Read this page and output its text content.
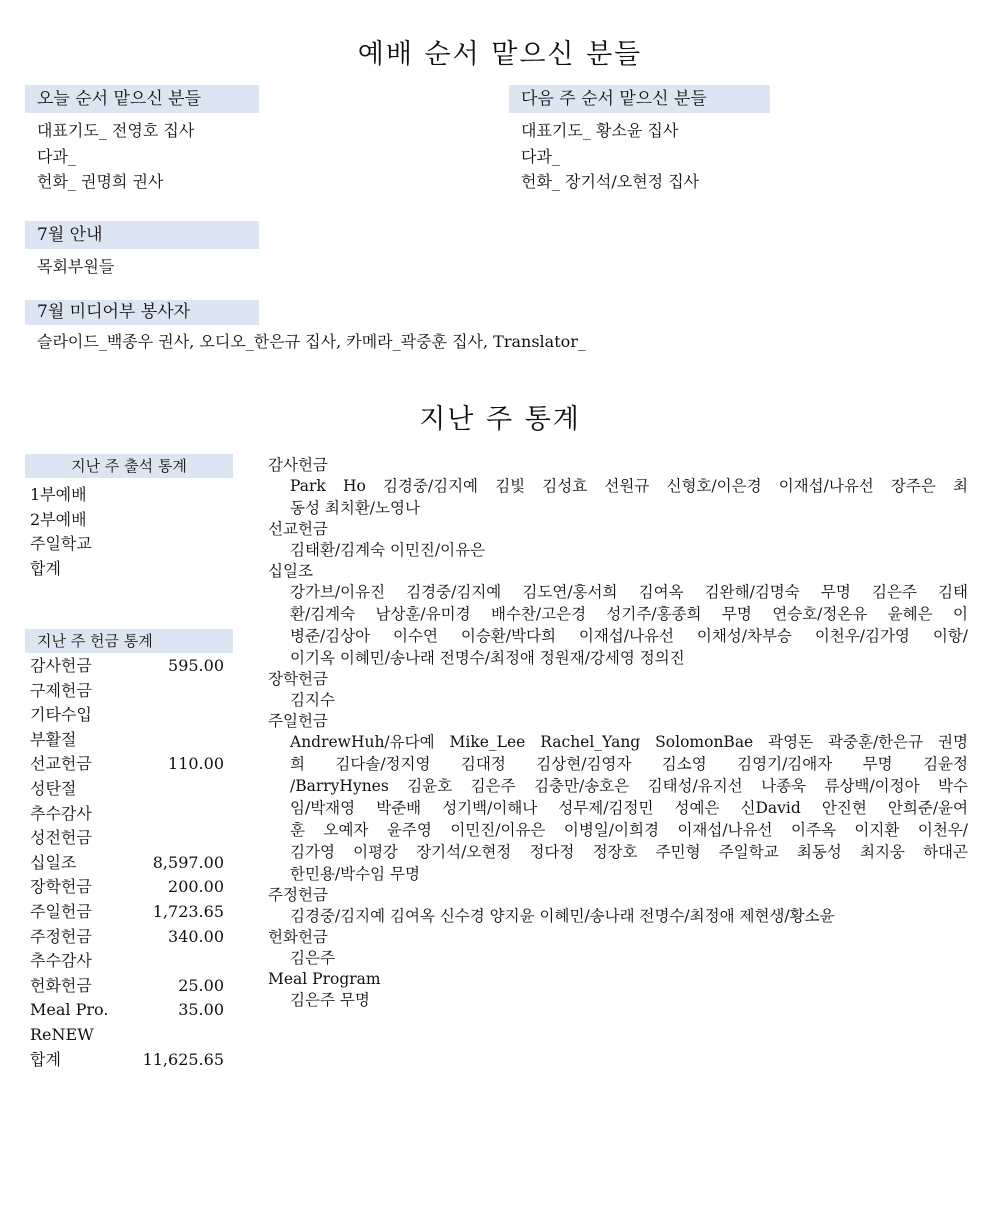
예배 순서 맡으신 분들
오늘 순서 맡으신 분들
대표기도_ 전영호 집사
다과_
헌화_ 권명희 권사
다음 주 순서 맡으신 분들
대표기도_ 황소윤 집사
다과_
헌화_ 장기석/오현정 집사
7월 안내
목회부원들
7월 미디어부 봉사자
슬라이드_백종우 권사, 오디오_한은규 집사, 카메라_곽중훈 집사, Translator_
지난 주 통계
지난 주 출석 통계
1부예배
2부예배
주일학교
합계
지난 주 헌금 통계
감사헌금	595.00
구제헌금
기타수입
부활절
선교헌금	110.00
성탄절
추수감사
성전헌금
십일조	8,597.00
장학헌금	200.00
주일헌금	1,723.65
주정헌금	340.00
추수감사
헌화헌금	25.00
Meal Pro.	35.00
ReNEW
합계	11,625.65
감사헌금
Park Ho 김경중/김지예 김빛 김성효 선원규 신형호/이은경 이재섭/나유선 장주은 최
동성 최치환/노영나
선교헌금
김태환/김계숙 이민진/이유은
십일조
강가브/이유진 김경중/김지예 김도연/홍서희 김여옥 김완해/김명숙 무명 김은주 김태
환/김계숙 남상훈/유미경 배수찬/고은경 성기주/홍종희 무명 연승호/정온유 윤혜은 이
병준/김상아 이수연 이승환/박다희 이재섭/나유선 이채성/차부승 이천우/김가영 이항/
이기옥 이혜민/송나래 전명수/최정애 정원재/강세영 정의진
장학헌금
김지수
주일헌금
AndrewHuh/유다예 Mike_Lee Rachel_Yang SolomonBae 곽영돈 곽중훈/한은규 권명
희 김다솔/정지영 김대정 김상현/김영자 김소영 김영기/김애자 무명 김윤정
/BarryHynes 김윤호 김은주 김충만/송호은 김태성/유지선 나종욱 류상백/이정아 박수
임/박재영 박준배 성기백/이해나 성무제/김정민 성예은 신David 안진현 안희준/윤여
훈 오예자 윤주영 이민진/이유은 이병일/이희경 이재섭/나유선 이주옥 이지환 이천우/
김가영 이평강 장기석/오현정 정다정 정장호 주민형 주일학교 최동성 최지웅 하대곤
한민용/박수임 무명
주정헌금
김경중/김지예 김여옥 신수경 양지윤 이혜민/송나래 전명수/최정애 제현생/황소윤
헌화헌금
김은주
Meal Program
김은주 무명
